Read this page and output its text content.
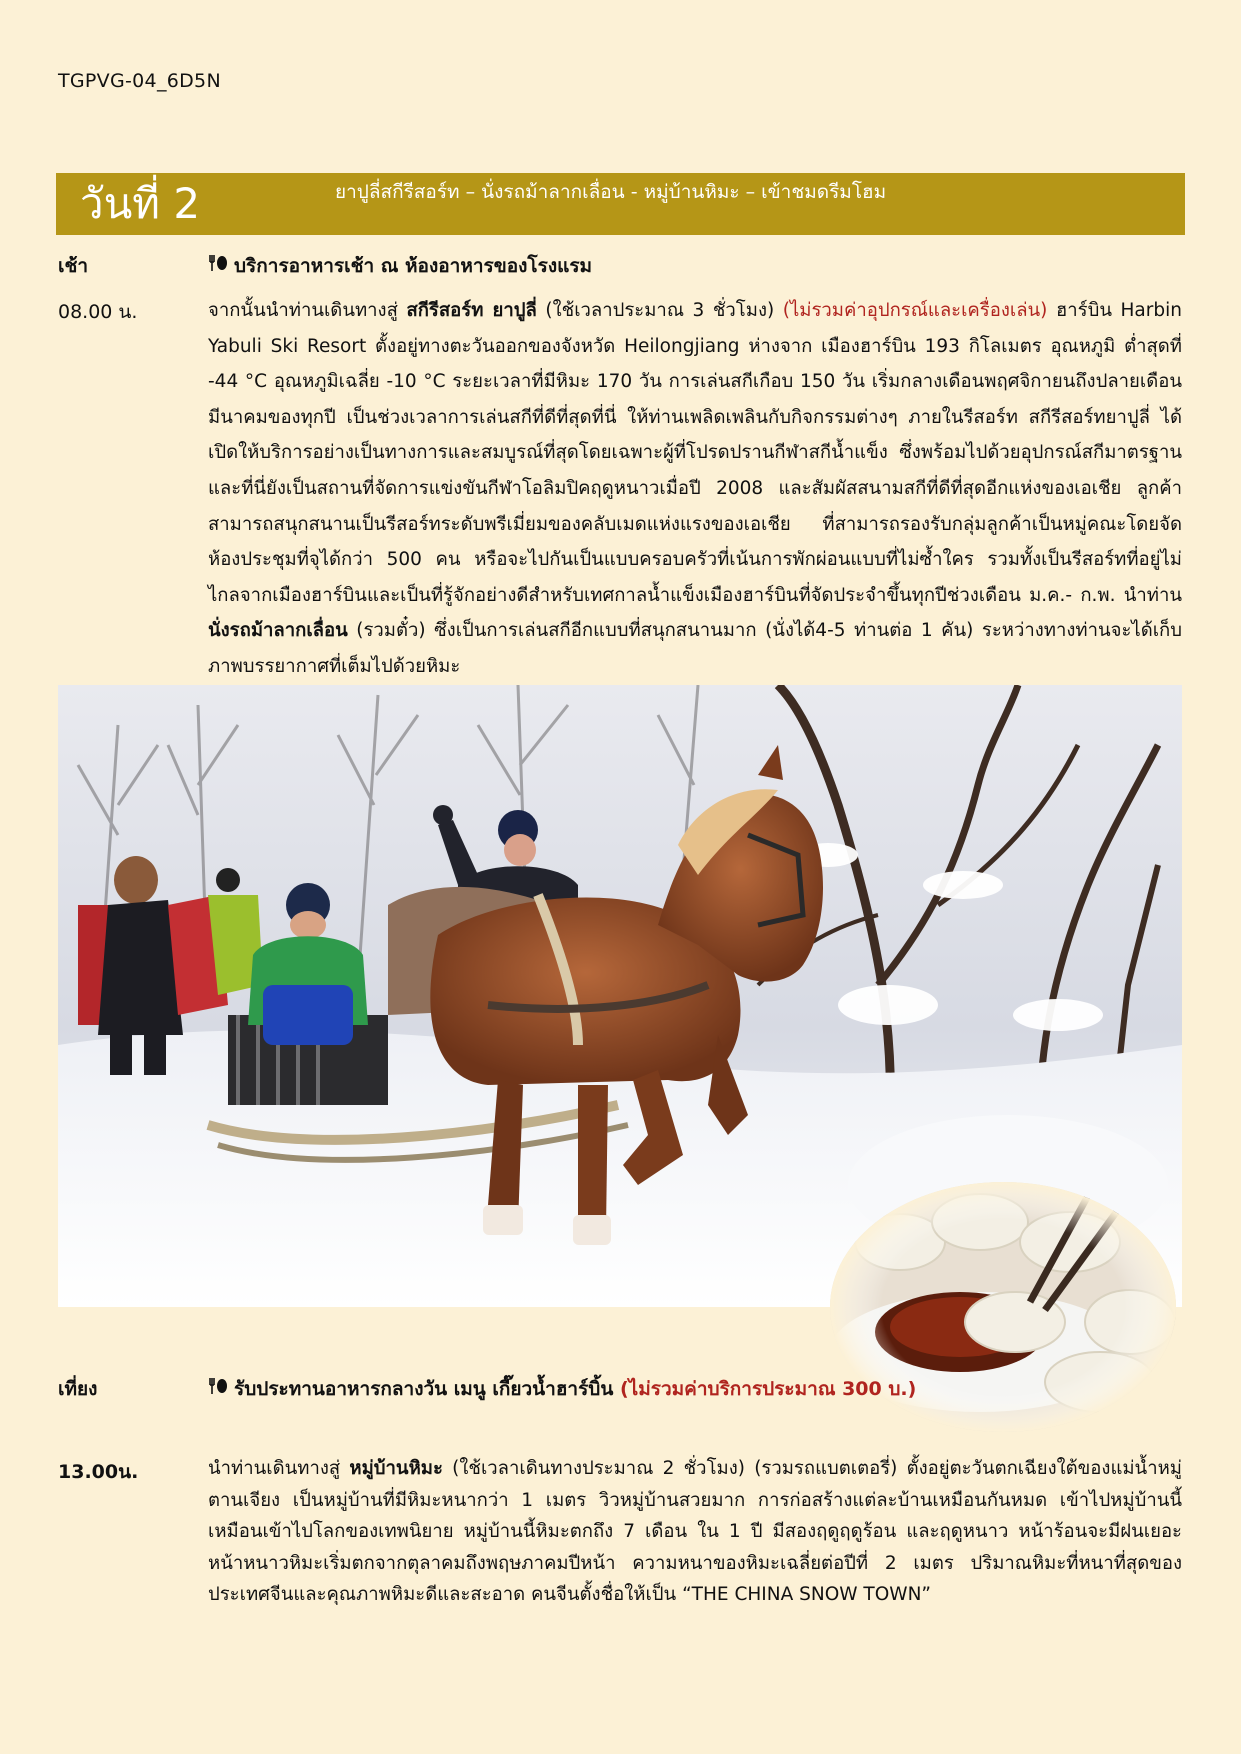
TGPVG-04_6D5N
วันที่ 2	ยาปูลี่สกีรีสอร์ท – นั่งรถม้าลากเลื่อน - หมู่บ้านหิมะ – เข้าชมดรีมโฮม
เช้า	บริการอาหารเช้า ณ ห้องอาหารของโรงแรม
08.00 น.	จากนั้นนำท่านเดินทางสู่ สกีรีสอร์ท ยาปูลี่ (ใช้เวลาประมาณ 3 ชั่วโมง) (ไม่รวมค่าอุปกรณ์และเครื่องเล่น) ฮาร์บิน Harbin Yabuli Ski Resort ตั้งอยู่ทางตะวันออกของจังหวัด Heilongjiang ห่างจาก เมืองฮาร์บิน 193 กิโลเมตร อุณหภูมิ ต่ำสุดที่ -44 °C อุณหภูมิเฉลี่ย -10 °C ระยะเวลาที่มีหิมะ 170 วัน การเล่นสกีเกือบ 150 วัน เริ่มกลางเดือนพฤศจิกายนถึงปลายเดือนมีนาคมของทุกปี เป็นช่วงเวลาการเล่นสกีที่ดีที่สุดที่นี่ ให้ท่านเพลิดเพลินกับกิจกรรมต่างๆ ภายในรีสอร์ท สกีรีสอร์ทยาปูลี่ ได้เปิดให้บริการอย่างเป็นทางการและสมบูรณ์ที่สุดโดยเฉพาะผู้ที่โปรดปรานกีฬาสกีน้ำแข็ง ซึ่งพร้อมไปด้วยอุปกรณ์สกีมาตรฐาน และที่นี่ยังเป็นสถานที่จัดการแข่งขันกีฬาโอลิมปิคฤดูหนาวเมื่อปี 2008 และสัมผัสสนามสกีที่ดีที่สุดอีกแห่งของเอเชีย ลูกค้าสามารถสนุกสนานเป็นรีสอร์ทระดับพรีเมี่ยมของคลับเมดแห่งแรงของเอเชีย ที่สามารถรองรับกลุ่มลูกค้าเป็นหมู่คณะโดยจัดห้องประชุมที่จุได้กว่า 500 คน หรือจะไปกันเป็นแบบครอบครัวที่เน้นการพักผ่อนแบบที่ไม่ซ้ำใคร รวมทั้งเป็นรีสอร์ทที่อยู่ไม่ไกลจากเมืองฮาร์บินและเป็นที่รู้จักอย่างดีสำหรับเทศกาลน้ำแข็งเมืองฮาร์บินที่จัดประจำขึ้นทุกปีช่วงเดือน ม.ค.- ก.พ. นำท่าน นั่งรถม้าลากเลื่อน (รวมตั๋ว) ซึ่งเป็นการเล่นสกีอีกแบบที่สนุกสนานมาก (นั่งได้4-5 ท่านต่อ 1 คัน) ระหว่างทางท่านจะได้เก็บภาพบรรยากาศที่เต็มไปด้วยหิมะ
เที่ยง	รับประทานอาหารกลางวัน เมนู เกี๊ยวน้ำฮาร์บิ้น (ไม่รวมค่าบริการประมาณ 300 บ.)
13.00น.	นำท่านเดินทางสู่ หมู่บ้านหิมะ (ใช้เวลาเดินทางประมาณ 2 ชั่วโมง) (รวมรถแบตเตอรี่) ตั้งอยู่ตะวันตกเฉียงใต้ของแม่น้ำหมู่ตานเจียง เป็นหมู่บ้านที่มีหิมะหนากว่า 1 เมตร วิวหมู่บ้านสวยมาก การก่อสร้างแต่ละบ้านเหมือนกันหมด เข้าไปหมู่บ้านนี้เหมือนเข้าไปโลกของเทพนิยาย หมู่บ้านนี้หิมะตกถึง 7 เดือน ใน 1 ปี มีสองฤดูฤดูร้อน และฤดูหนาว หน้าร้อนจะมีฝนเยอะ หน้าหนาวหิมะเริ่มตกจากตุลาคมถึงพฤษภาคมปีหน้า ความหนาของหิมะเฉลี่ยต่อปีที่ 2 เมตร ปริมาณหิมะที่หนาที่สุดของประเทศจีนและคุณภาพหิมะดีและสะอาด คนจีนตั้งชื่อให้เป็น “THE CHINA SNOW TOWN”
